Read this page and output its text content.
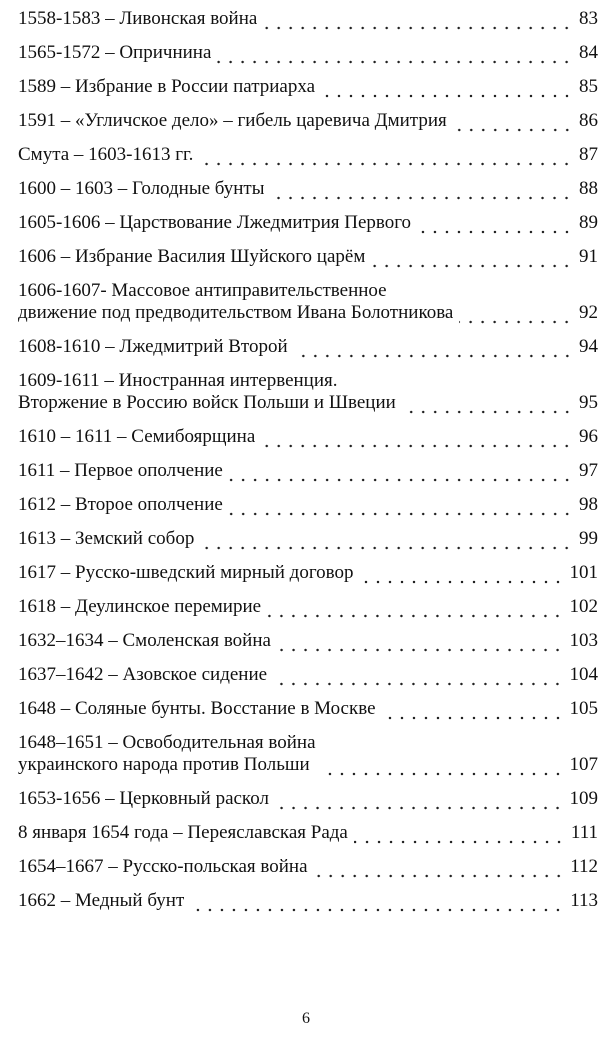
1558-1583 – Ливонская война	83
1565-1572 – Опричнина	84
1589 – Избрание в России патриарха	85
1591 – «Угличское дело» – гибель царевича Дмитрия	86
Смута – 1603-1613 гг.	87
1600 – 1603 – Голодные бунты	88
1605-1606 – Царствование Лжедмитрия Первого	89
1606 – Избрание Василия Шуйского царём	91
1606-1607- Массовое антиправительственное
движение под предводительством Ивана Болотникова	92
1608-1610 – Лжедмитрий Второй	94
1609-1611 – Иностранная интервенция.
Вторжение в Россию войск Польши и Швеции	95
1610 – 1611 – Семибоярщина	96
1611 – Первое ополчение	97
1612 – Второе ополчение	98
1613 – Земский собор	99
1617 – Русско-шведский мирный договор	101
1618 – Деулинское перемирие	102
1632–1634 – Смоленская война	103
1637–1642 – Азовское сидение	104
1648 – Соляные бунты. Восстание в Москве	105
1648–1651 – Освободительная война
украинского народа против Польши	107
1653-1656 – Церковный раскол	109
8 января 1654 года – Переяславская Рада	111
1654–1667 – Русско-польская война	112
1662 – Медный бунт	113
6
